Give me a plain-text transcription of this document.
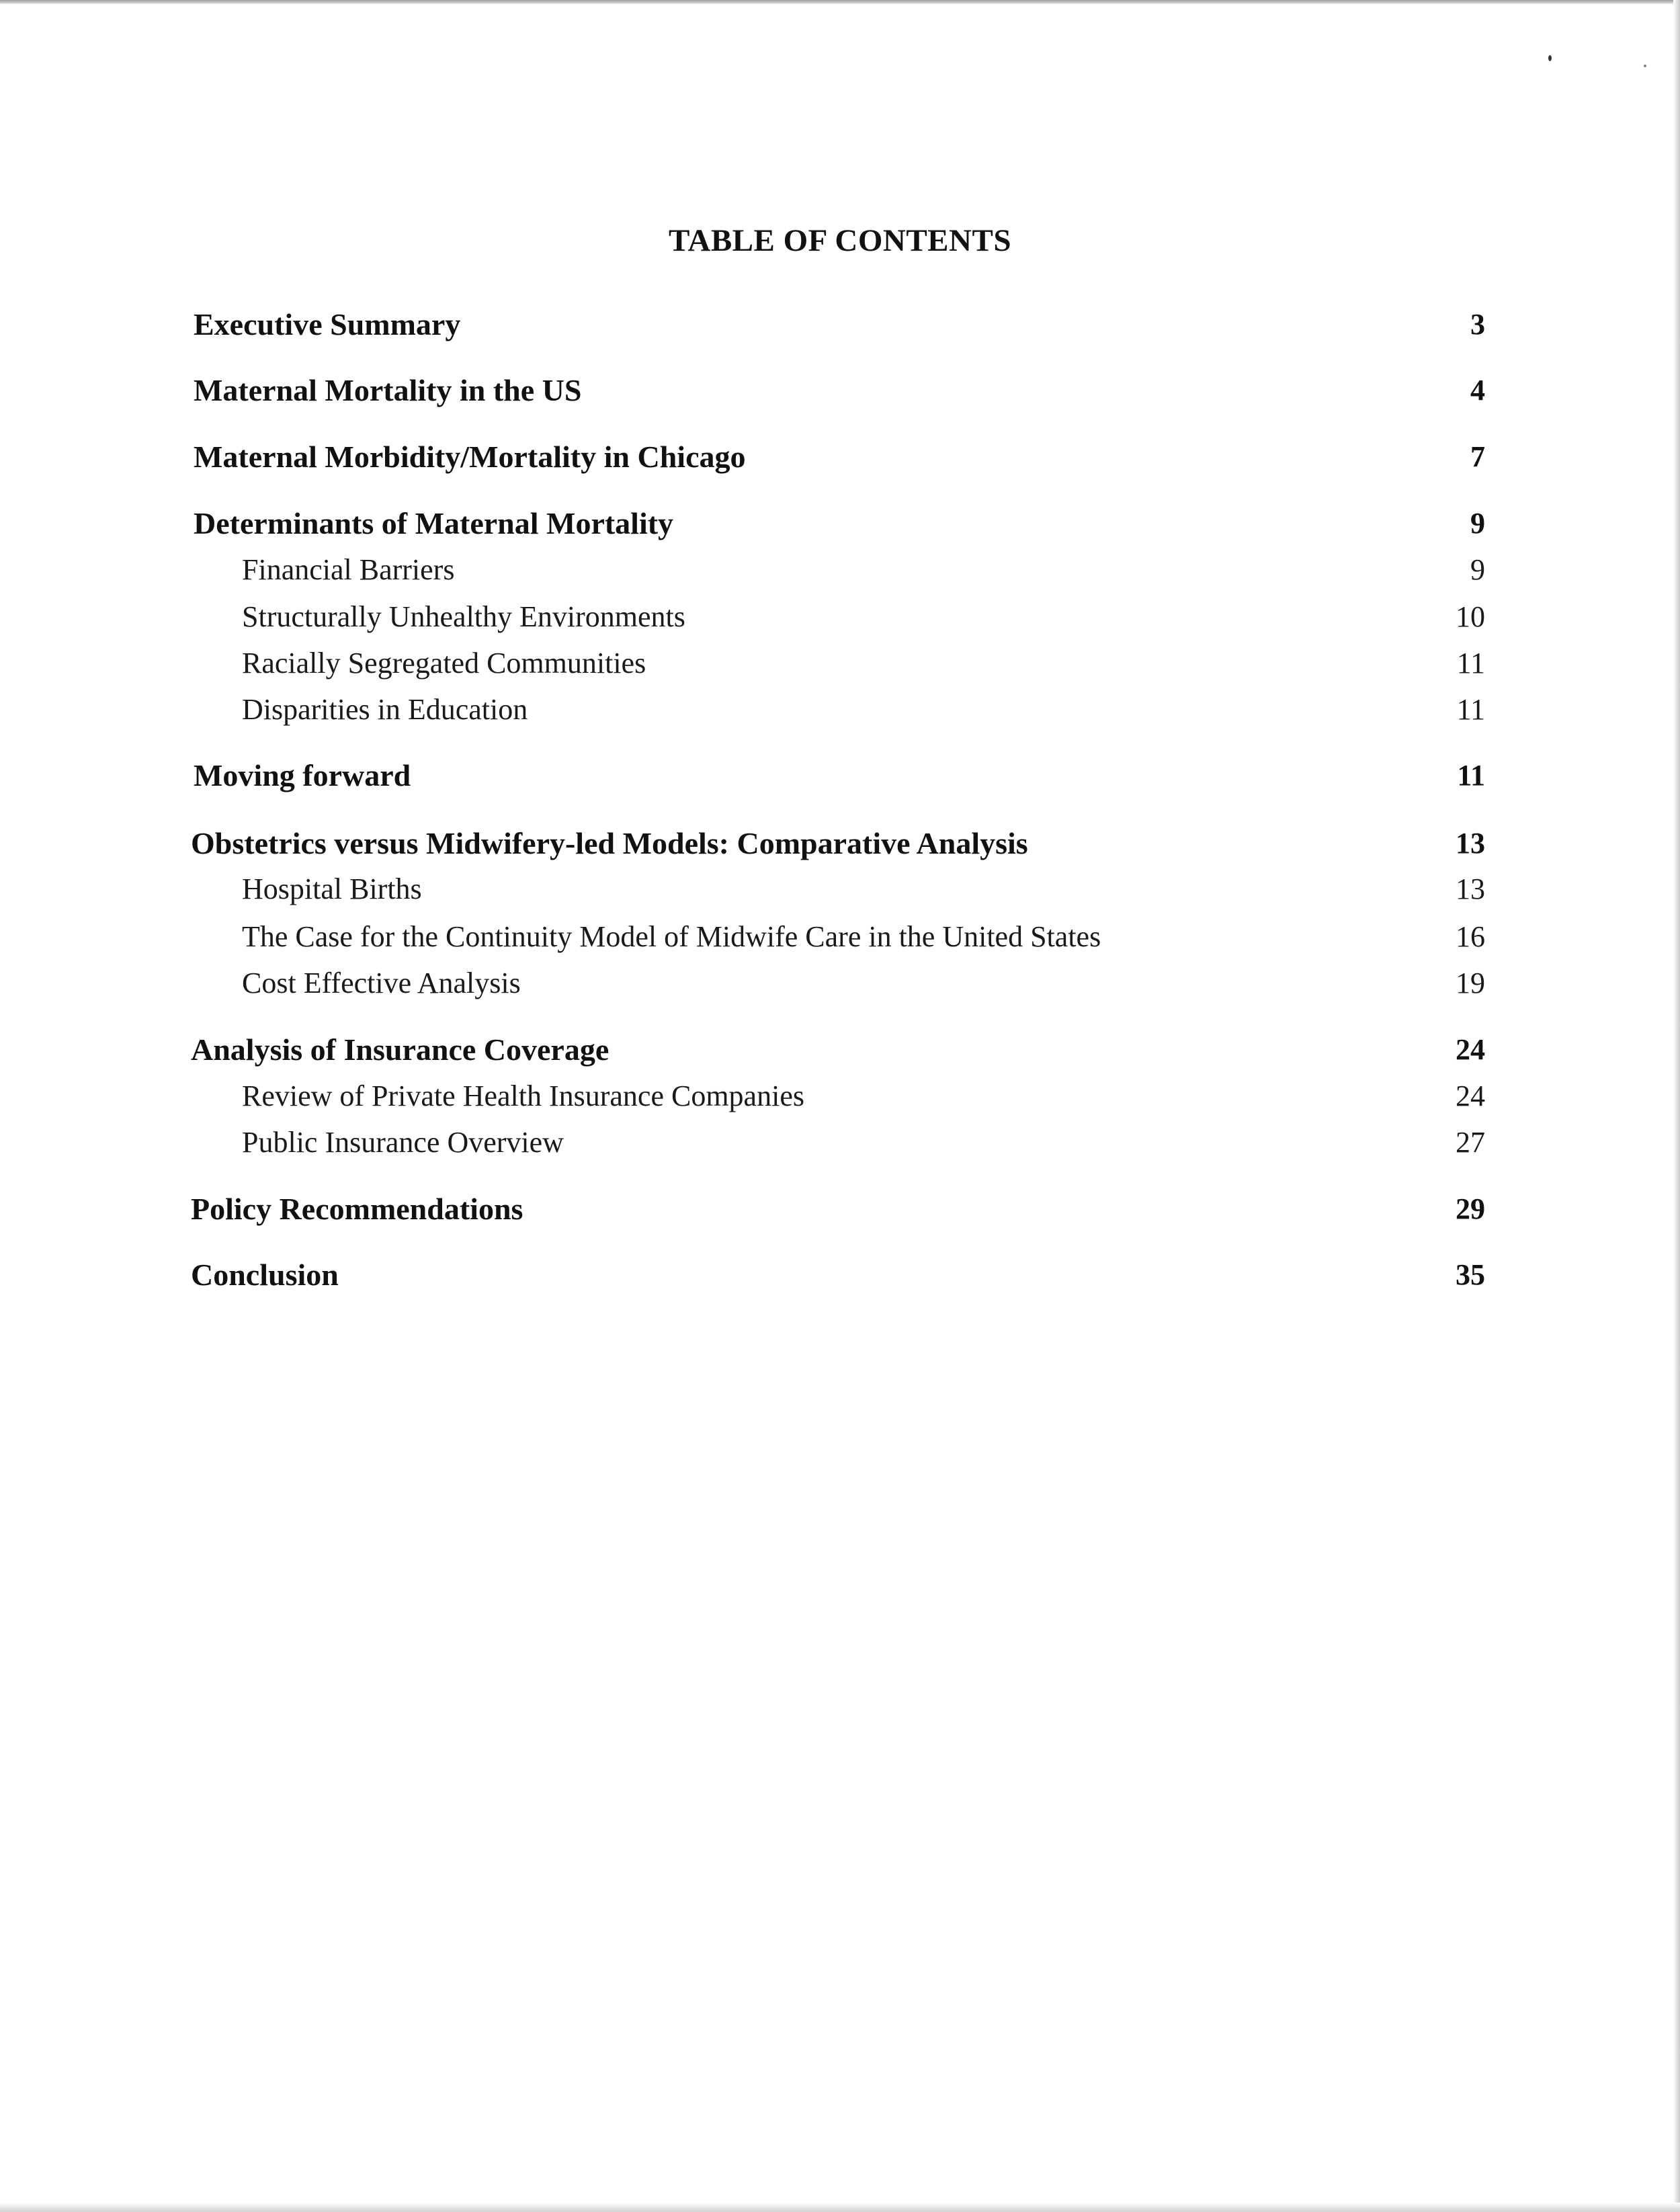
TABLE OF CONTENTS
Executive Summary	3
Maternal Mortality in the US	4
Maternal Morbidity/Mortality in Chicago	7
Determinants of Maternal Mortality	9
Financial Barriers	9
Structurally Unhealthy Environments	10
Racially Segregated Communities	11
Disparities in Education	11
Moving forward	11
Obstetrics versus Midwifery-led Models: Comparative Analysis	13
Hospital Births	13
The Case for the Continuity Model of Midwife Care in the United States	16
Cost Effective Analysis	19
Analysis of Insurance Coverage	24
Review of Private Health Insurance Companies	24
Public Insurance Overview	27
Policy Recommendations	29
Conclusion	35
